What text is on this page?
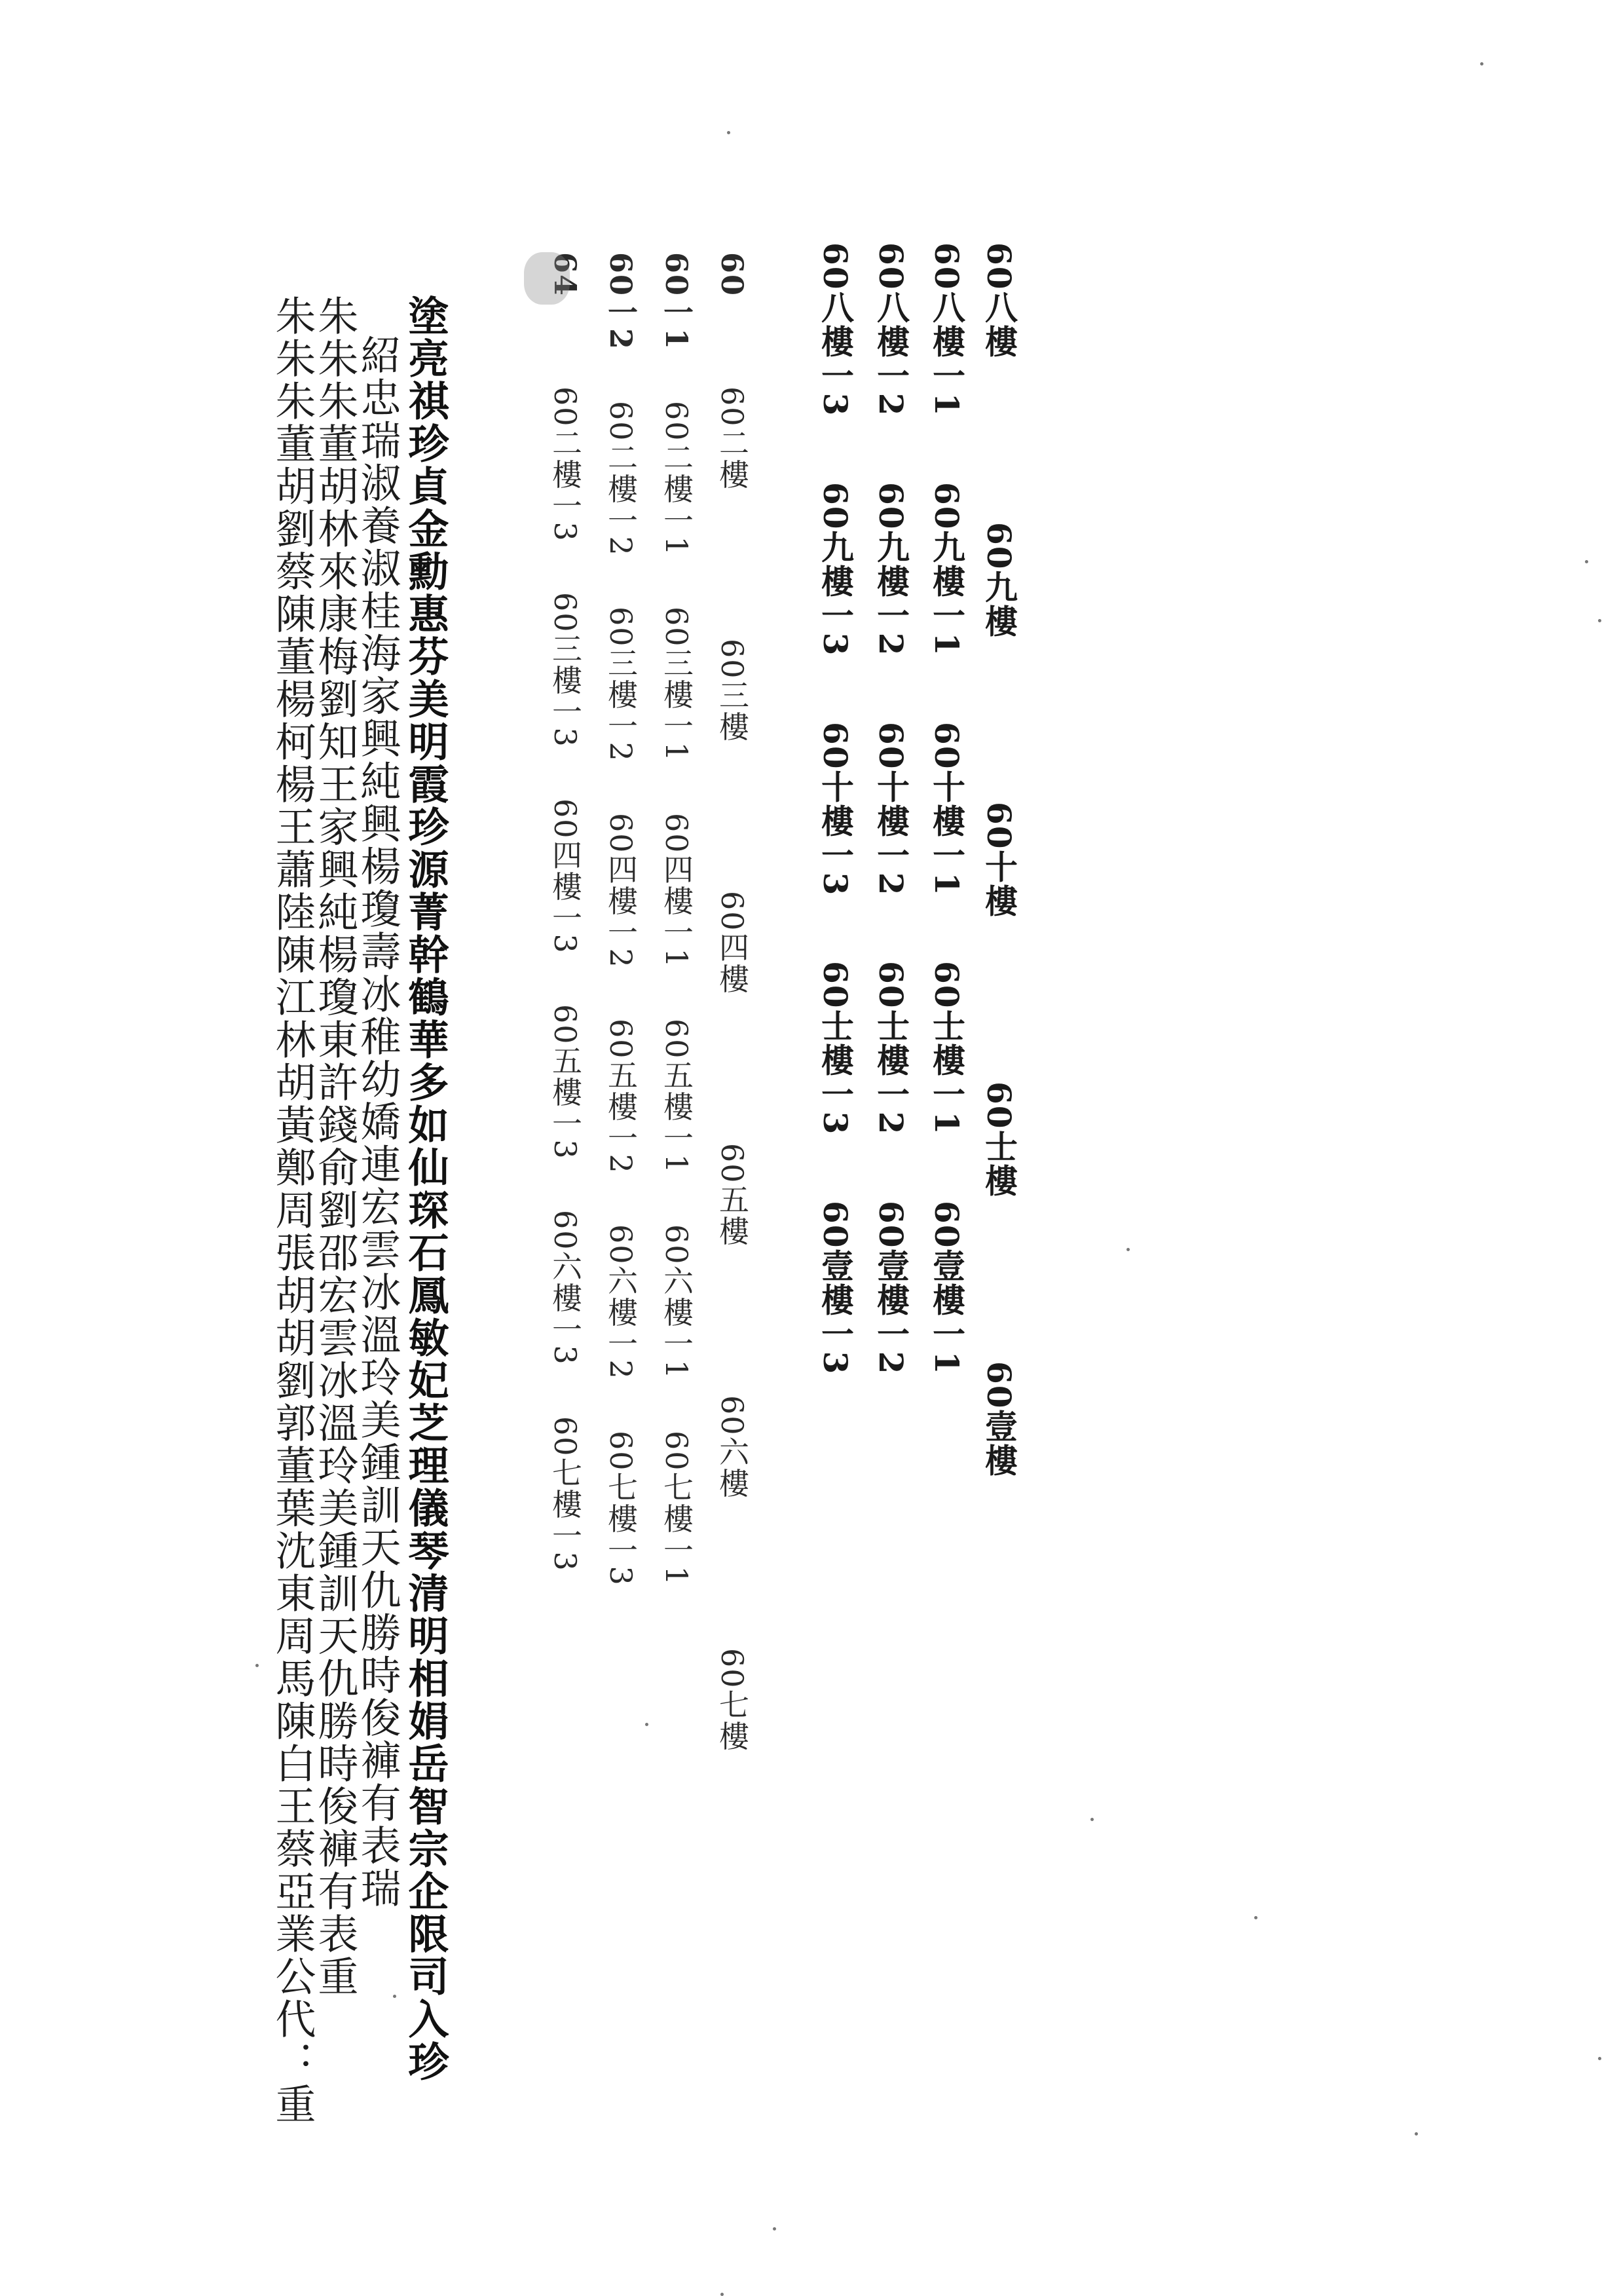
60八樓 60九樓 60十樓 60士樓 60壹樓
60八樓一1 60九樓一1 60十樓一1 60士樓一1 60壹樓一1
60八樓一2 60九樓一2 60十樓一2 60士樓一2 60壹樓一2
60八樓一3 60九樓一3 60十樓一3 60士樓一3 60壹樓一3
60 60二樓 60三樓 60四樓 60五樓 60六樓 60七樓
60一1 60二樓一1 60三樓一1 60四樓一1 60五樓一1 60六樓一1 60七樓一1
60一2 60二樓一2 60三樓一2 60四樓一2 60五樓一2 60六樓一2 60七樓一3
64 60二樓一3 60三樓一3 60四樓一3 60五樓一3 60六樓一3 60七樓一3
塗亮祺珍貞金勳惠芬美明霞珍源菁幹鶴華多如仙琛石鳳敏妃芝理儀琴清明相娟岳智宗企限司入珍
紹忠瑞淑養淑桂海家興純興楊瓊壽冰稚幼嬌連宏雲冰溫玲美鍾訓天仇勝時俊褲有表瑞
朱朱朱董胡林來康梅劉知王家興純楊瓊東許錢俞劉邵宏雲冰溫玲美鍾訓天仇勝時俊褲有表重
朱朱朱董胡劉蔡陳董楊柯楊王蕭陸陳江林胡黃鄭周張胡胡劉郭董葉沈東周馬陳白王蔡亞業公代：重
